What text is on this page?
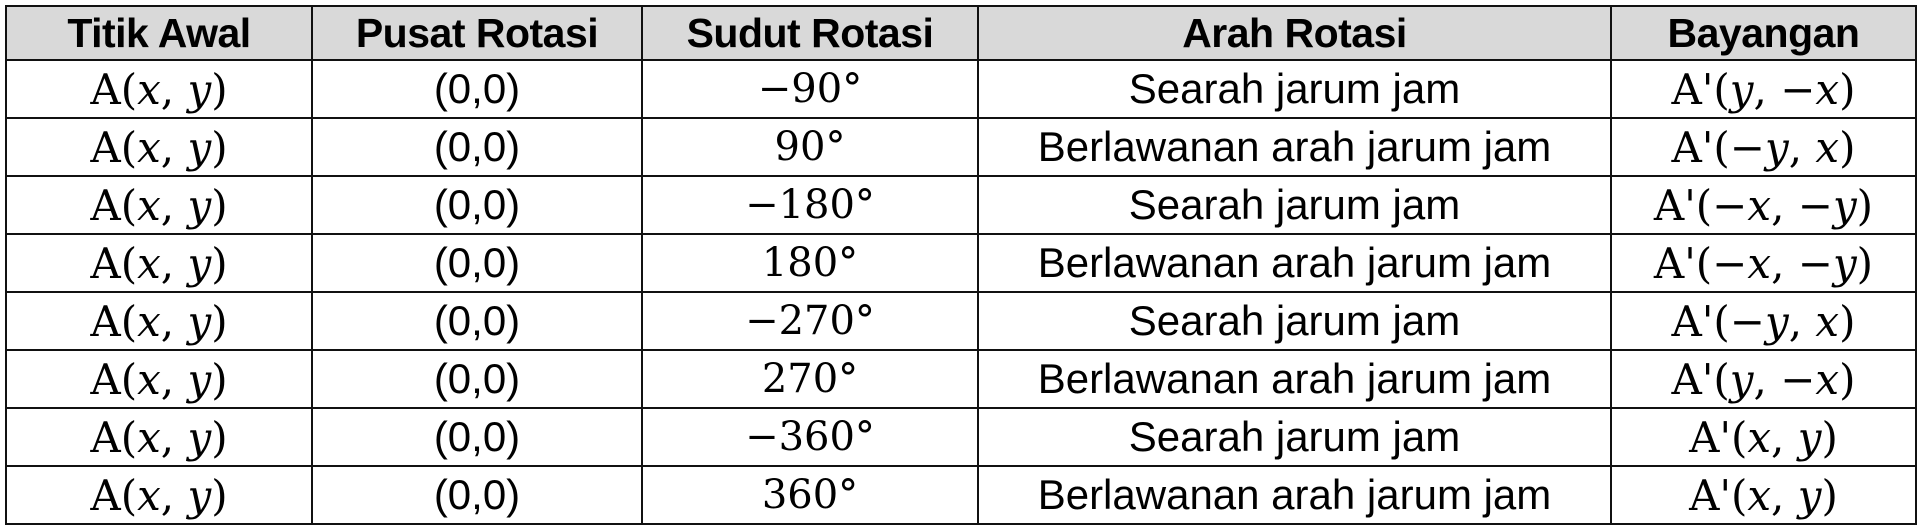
Titik Awal	Pusat Rotasi	Sudut Rotasi	Arah Rotasi	Bayangan
A(𝑥, 𝑦)	(0,0)	−90°	Searah jarum jam	A'(𝑦, −𝑥)
A(𝑥, 𝑦)	(0,0)	90°	Berlawanan arah jarum jam	A'(−𝑦, 𝑥)
A(𝑥, 𝑦)	(0,0)	−180°	Searah jarum jam	A'(−𝑥, −𝑦)
A(𝑥, 𝑦)	(0,0)	180°	Berlawanan arah jarum jam	A'(−𝑥, −𝑦)
A(𝑥, 𝑦)	(0,0)	−270°	Searah jarum jam	A'(−𝑦, 𝑥)
A(𝑥, 𝑦)	(0,0)	270°	Berlawanan arah jarum jam	A'(𝑦, −𝑥)
A(𝑥, 𝑦)	(0,0)	−360°	Searah jarum jam	A'(𝑥, 𝑦)
A(𝑥, 𝑦)	(0,0)	360°	Berlawanan arah jarum jam	A'(𝑥, 𝑦)
